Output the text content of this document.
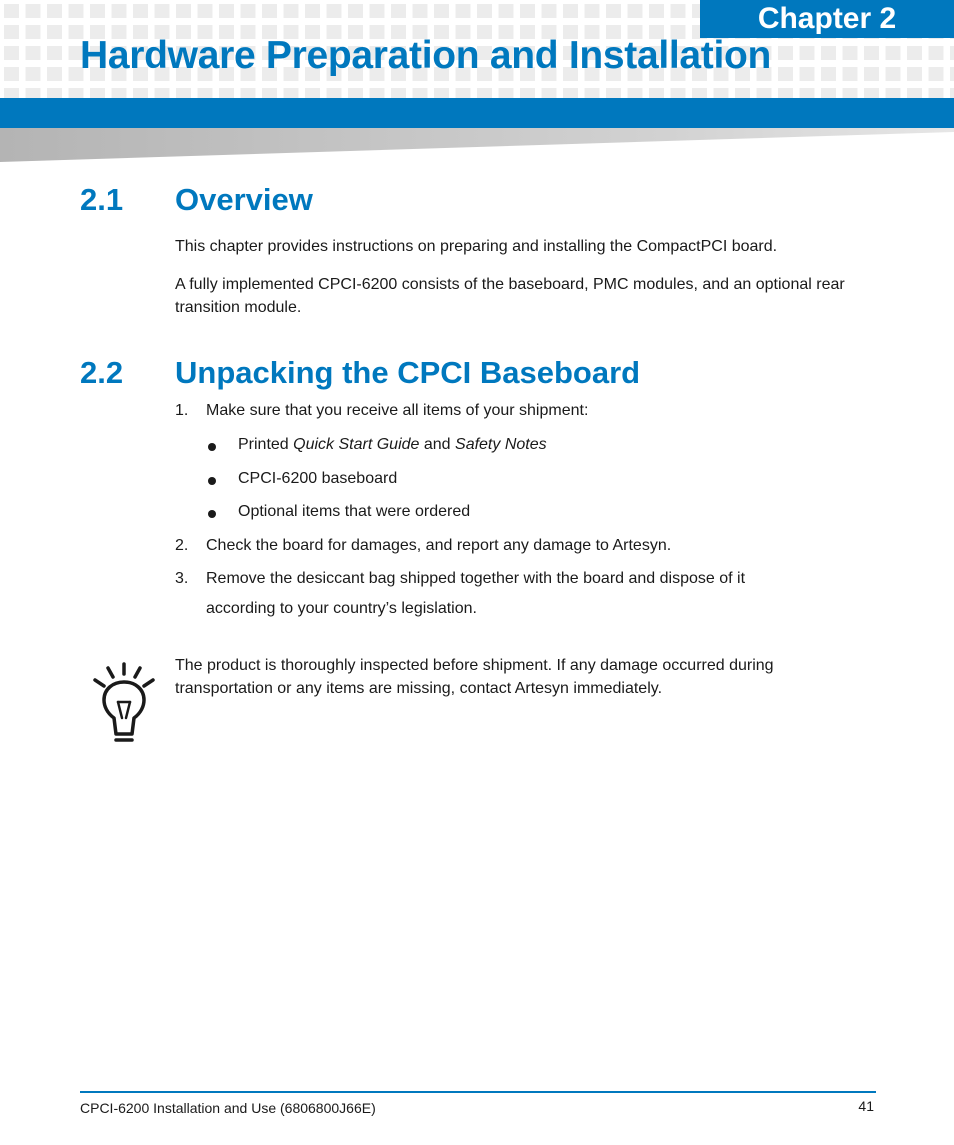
Chapter 2
Hardware Preparation and Installation
2.1 Overview

This chapter provides instructions on preparing and installing the CompactPCI board.

A fully implemented CPCI-6200 consists of the baseboard, PMC modules, and an optional rear transition module.

2.2 Unpacking the CPCI Baseboard
1. Make sure that you receive all items of your shipment:
Printed Quick Start Guide and Safety Notes
CPCI-6200 baseboard
Optional items that were ordered
2. Check the board for damages, and report any damage to Artesyn.
3. Remove the desiccant bag shipped together with the board and dispose of it according to your country’s legislation.

The product is thoroughly inspected before shipment. If any damage occurred during transportation or any items are missing, contact Artesyn immediately.

CPCI-6200 Installation and Use (6806800J66E)	41
